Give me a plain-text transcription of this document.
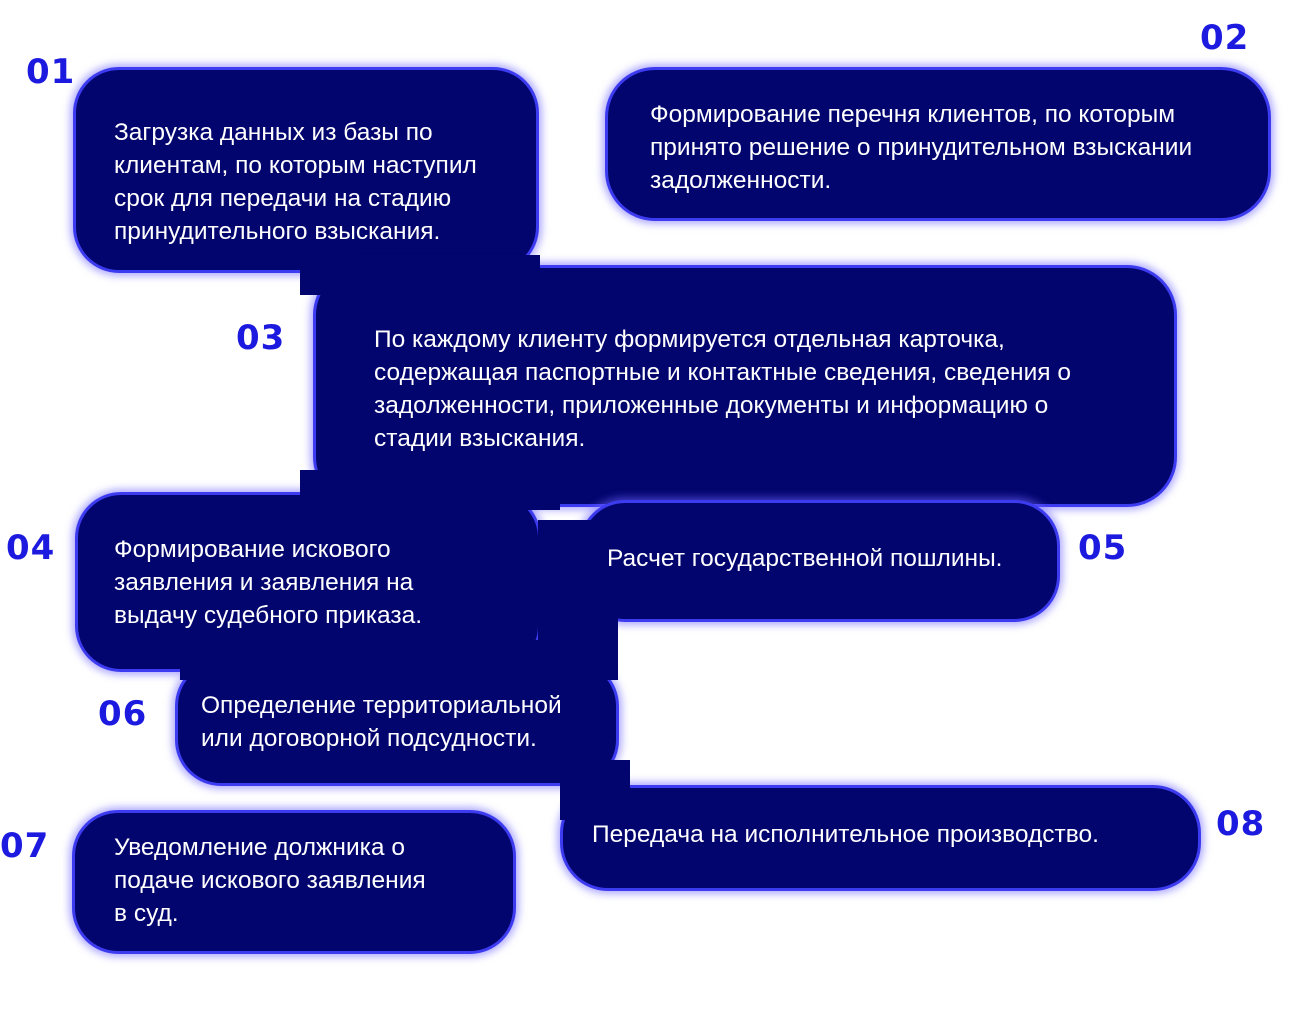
01
02
03
04	05
06
07
08
Загрузка данных из базы по
клиентам, по которым наступил
срок для передачи на стадию
принудительного взыскания.
Формирование перечня клиентов, по которым
принято решение о принудительном взыскании
задолженности.
По каждому клиенту формируется отдельная карточка,
содержащая паспортные и контактные сведения, сведения о
задолженности, приложенные документы и информацию о
стадии взыскания.
Формирование искового
заявления и заявления на
выдачу судебного приказа.
Расчет государственной пошлины.
Определение территориальной
или договорной подсудности.
Уведомление должника о
подаче искового заявления
в суд.
Передача на исполнительное производство.
